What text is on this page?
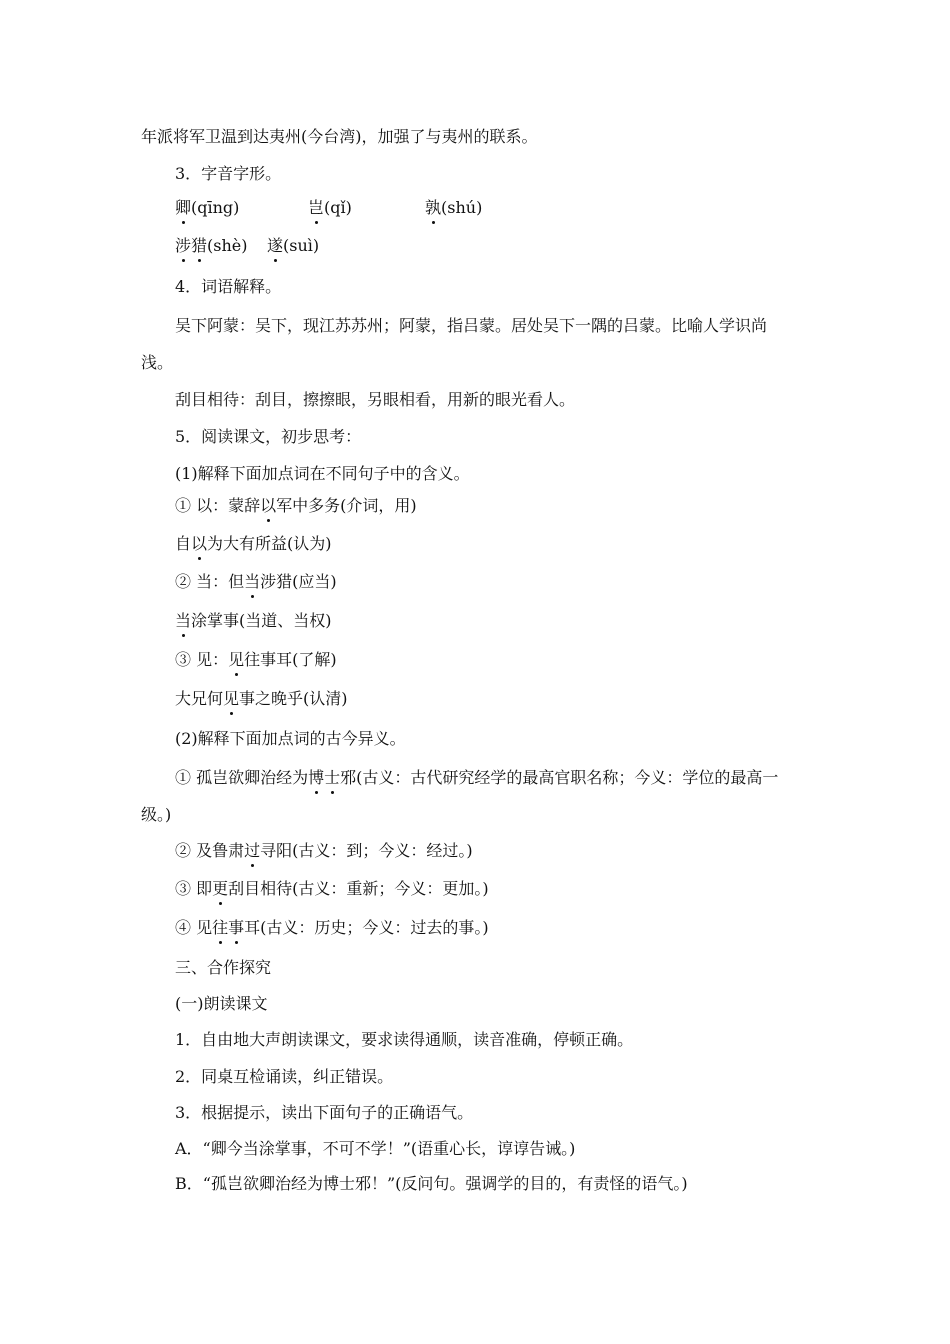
年派将军卫温到达夷州(今台湾)，加强了与夷州的联系。
3．字音字形。
卿(qīng)	岂(qǐ)	孰(shú)
涉猎(shè) 遂(suì)
4．词语解释。
吴下阿蒙：吴下，现江苏苏州；阿蒙，指吕蒙。居处吴下一隅的吕蒙。比喻人学识尚
浅。
刮目相待：刮目，擦擦眼，另眼相看，用新的眼光看人。
5．阅读课文，初步思考：
(1)解释下面加点词在不同句子中的含义。
① 以：蒙辞以军中多务(介词，用)
自以为大有所益(认为)
② 当：但当涉猎(应当)
当涂掌事(当道、当权)
③ 见：见往事耳(了解)
大兄何见事之晚乎(认清)
(2)解释下面加点词的古今异义。
① 孤岂欲卿治经为博士邪(古义：古代研究经学的最高官职名称；今义：学位的最高一
级。)
② 及鲁肃过寻阳(古义：到；今义：经过。)
③ 即更刮目相待(古义：重新；今义：更加。)
④ 见往事耳(古义：历史；今义：过去的事。)
三、合作探究
(一)朗读课文
1．自由地大声朗读课文，要求读得通顺，读音准确，停顿正确。
2．同桌互检诵读，纠正错误。
3．根据提示，读出下面句子的正确语气。
A．“卿今当涂掌事，不可不学！”(语重心长，谆谆告诫。)
B．“孤岂欲卿治经为博士邪！”(反问句。强调学的目的，有责怪的语气。)
